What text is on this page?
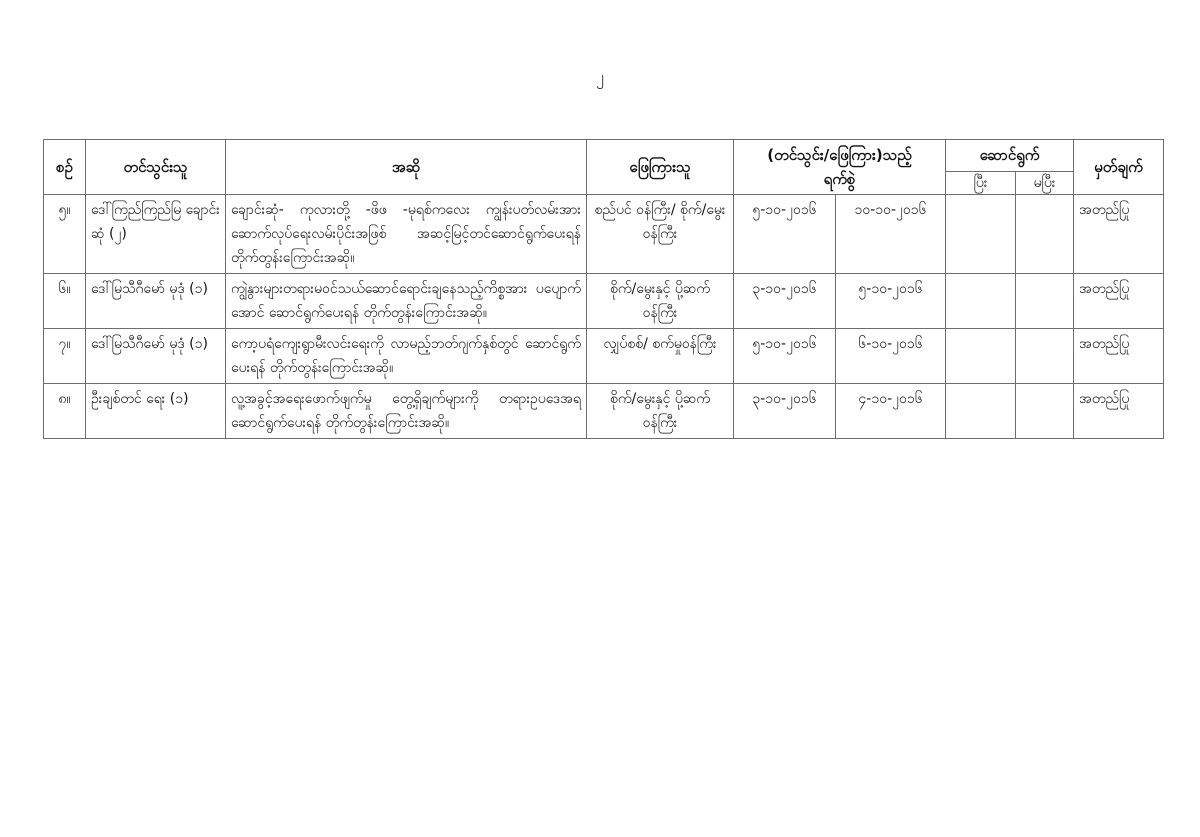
၂
စဉ်	တင်သွင်းသူ	အဆို	ဖြေကြားသူ	(တင်သွင်း/ဖြေကြား)သည့်
ရက်စွဲ		ဆောင်ရွက်		မှတ်ချက်
						ပြီး	မပြီး	
၅။	ဒေါ်ကြည်ကြည်မြ ချောင်းဆုံ (၂)	ချောင်းဆုံ- ကုလားတို့ -ဖိဖ -မုရစ်ကလေး ကျွန်းပတ်လမ်းအား ဆောက်လုပ်ရေးလမ်းပိုင်းအဖြစ် အဆင့်မြင့်တင်ဆောင်ရွက်ပေးရန် တိုက်တွန်းကြောင်းအဆို။	စည်ပင် ဝန်ကြီး/ စိုက်/မွေး ဝန်ကြီး	၅-၁၀-၂၀၁၆	၁၀-၁၀-၂၀၁၆			အတည်ပြု
၆။	ဒေါ်မြသီဂီမော် မုဒုံ (၁)	ကျွဲနွားများတရားမဝင်သယ်ဆောင်ရောင်းချနေသည့်ကိစ္စအား ပပျောက်အောင် ဆောင်ရွက်ပေးရန် တိုက်တွန်းကြောင်းအဆို။	စိုက်/မွေးနှင့် ပို့ဆက် ဝန်ကြီး	၃-၁၀-၂၀၁၆	၅-၁၀-၂၀၁၆			အတည်ပြု
၇။	ဒေါ်မြသီဂီမော် မုဒုံ (၁)	ကော့ပရံကျေးရွာမီးလင်းရေးကို လာမည့်ဘတ်ဂျက်နှစ်တွင် ဆောင်ရွက်ပေးရန် တိုက်တွန်းကြောင်းအဆို။	လျှပ်စစ်/ စက်မှုဝန်ကြီး	၅-၁၀-၂၀၁၆	၆-၁၀-၂၀၁၆			အတည်ပြု
၈။	ဦးချစ်တင် ရေး (၁)	လူ့အခွင့်အရေးဖောက်ဖျက်မှု တွေ့ရှိချက်များကို တရားဥပဒေအရ ဆောင်ရွက်ပေးရန် တိုက်တွန်းကြောင်းအဆို။	စိုက်/မွေးနှင့် ပို့ဆက် ဝန်ကြီး	၃-၁၀-၂၀၁၆	၄-၁၀-၂၀၁၆			အတည်ပြု
